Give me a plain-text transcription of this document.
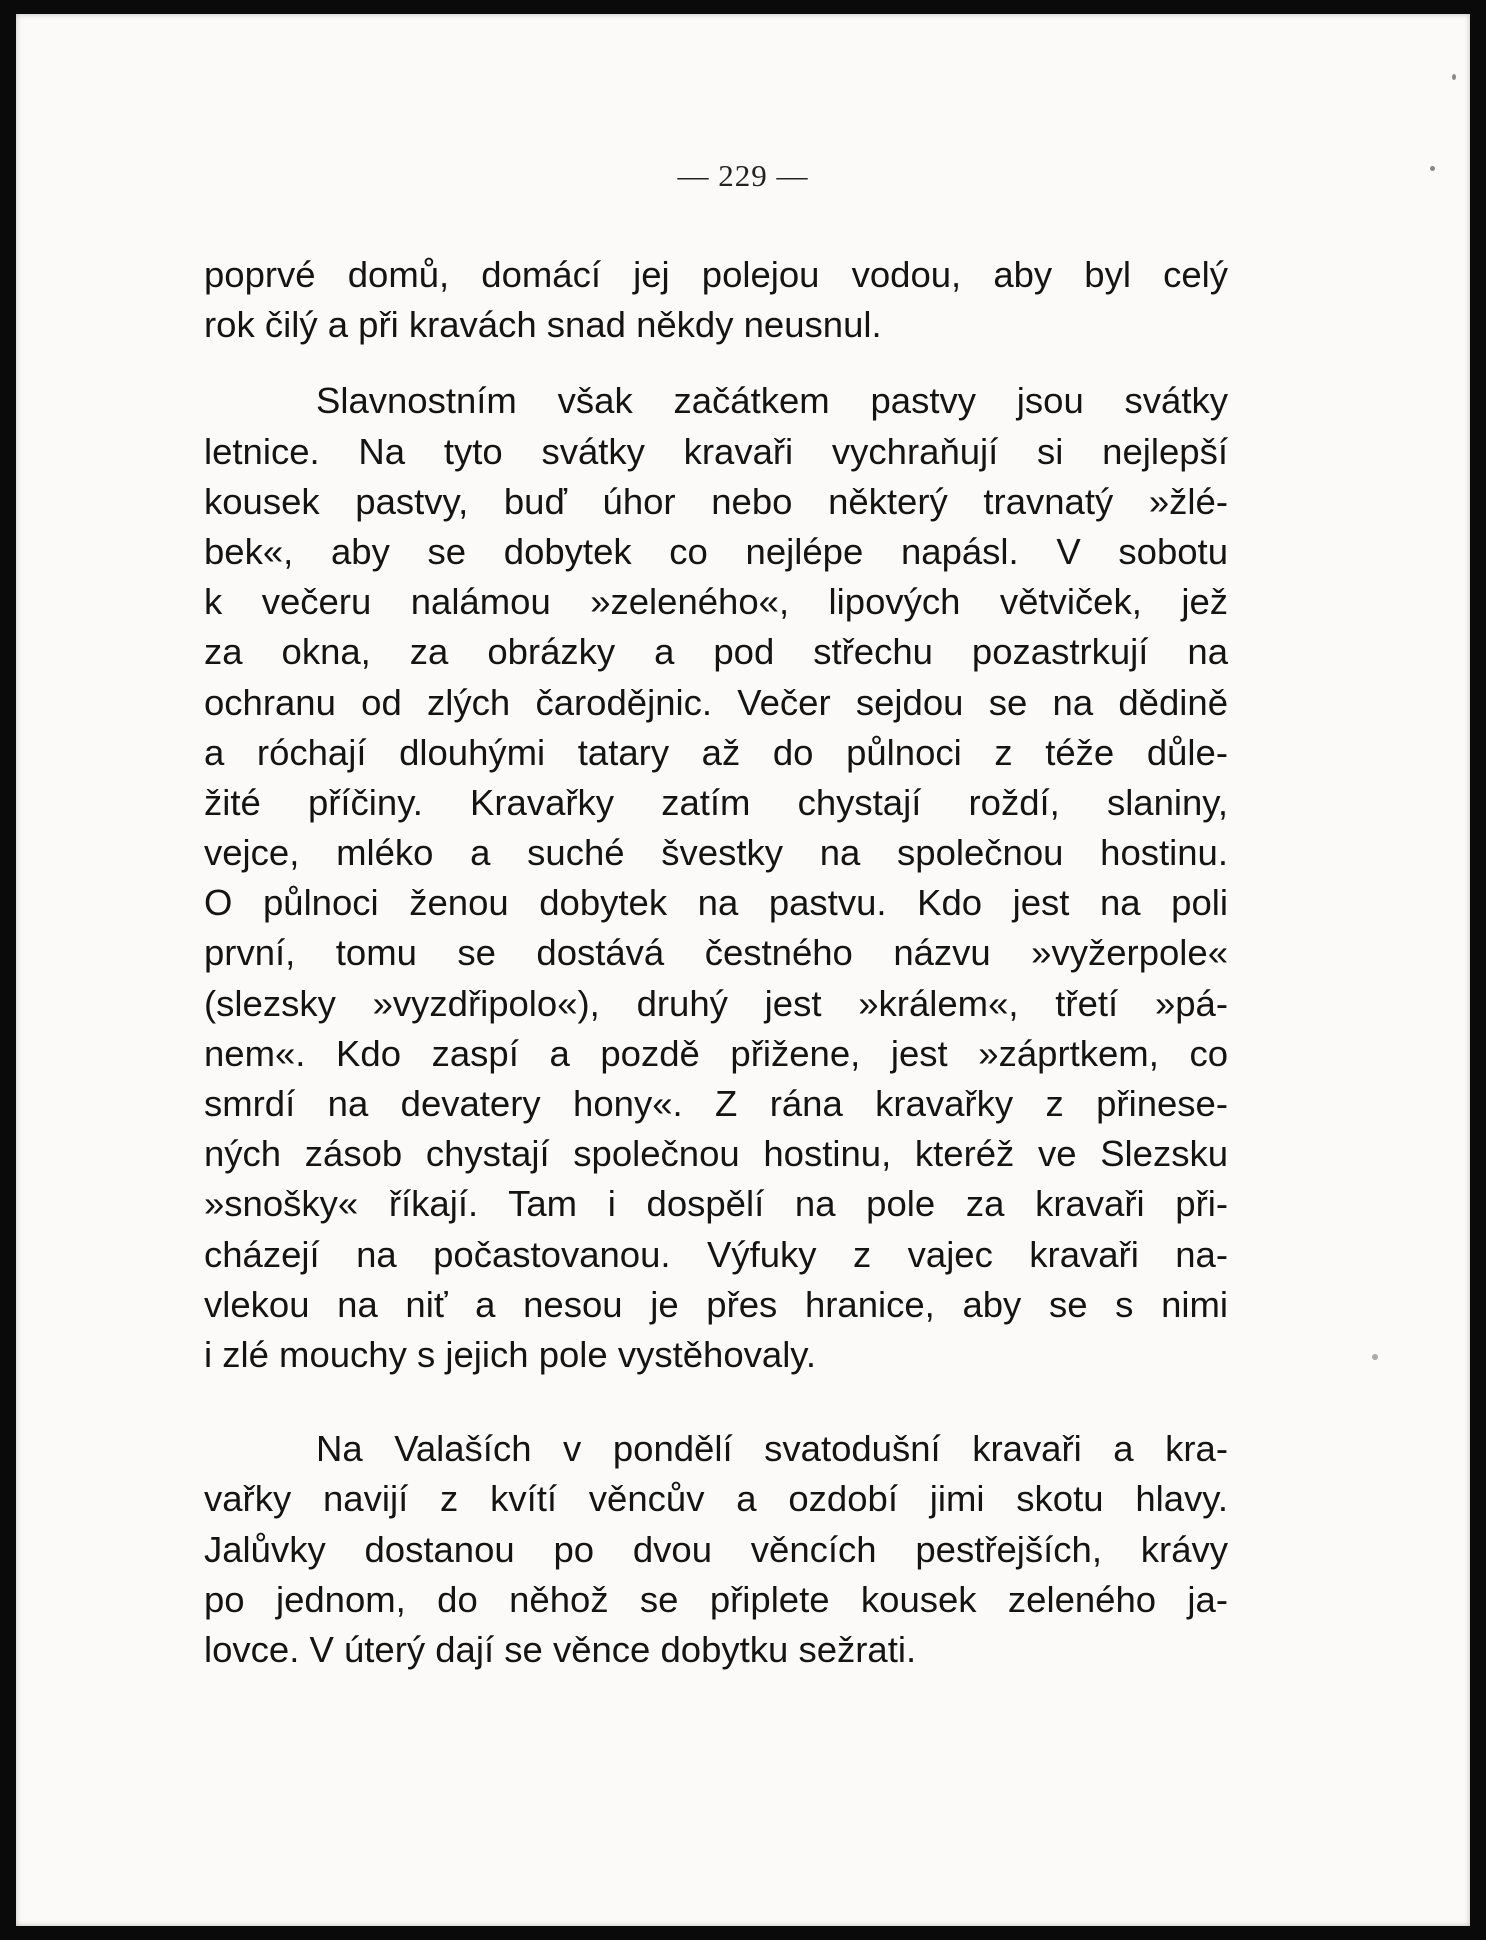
— 229 —
poprvé domů, domácí jej polejou vodou, aby byl celý
rok čilý a při kravách snad někdy neusnul.
Slavnostním však začátkem pastvy jsou svátky
letnice. Na tyto svátky kravaři vychraňují si nejlepší
kousek pastvy, buď úhor nebo některý travnatý »žlé-
bek«, aby se dobytek co nejlépe napásl. V sobotu
k večeru nalámou »zeleného«, lipových větviček, jež
za okna, za obrázky a pod střechu pozastrkují na
ochranu od zlých čarodějnic. Večer sejdou se na dědině
a róchají dlouhými tatary až do půlnoci z téže důle-
žité příčiny. Kravařky zatím chystají roždí, slaniny,
vejce, mléko a suché švestky na společnou hostinu.
O půlnoci ženou dobytek na pastvu. Kdo jest na poli
první, tomu se dostává čestného názvu »vyžerpole«
(slezsky »vyzdřipolo«), druhý jest »králem«, třetí »pá-
nem«. Kdo zaspí a pozdě přižene, jest »záprtkem, co
smrdí na devatery hony«. Z rána kravařky z přinese-
ných zásob chystají společnou hostinu, kteréž ve Slezsku
»snošky« říkají. Tam i dospělí na pole za kravaři při-
cházejí na počastovanou. Výfuky z vajec kravaři na-
vlekou na niť a nesou je přes hranice, aby se s nimi
i zlé mouchy s jejich pole vystěhovaly.
Na Valaších v pondělí svatodušní kravaři a kra-
vařky navijí z kvítí věncův a ozdobí jimi skotu hlavy.
Jalůvky dostanou po dvou věncích pestřejších, krávy
po jednom, do něhož se připlete kousek zeleného ja-
lovce. V úterý dají se věnce dobytku sežrati.
